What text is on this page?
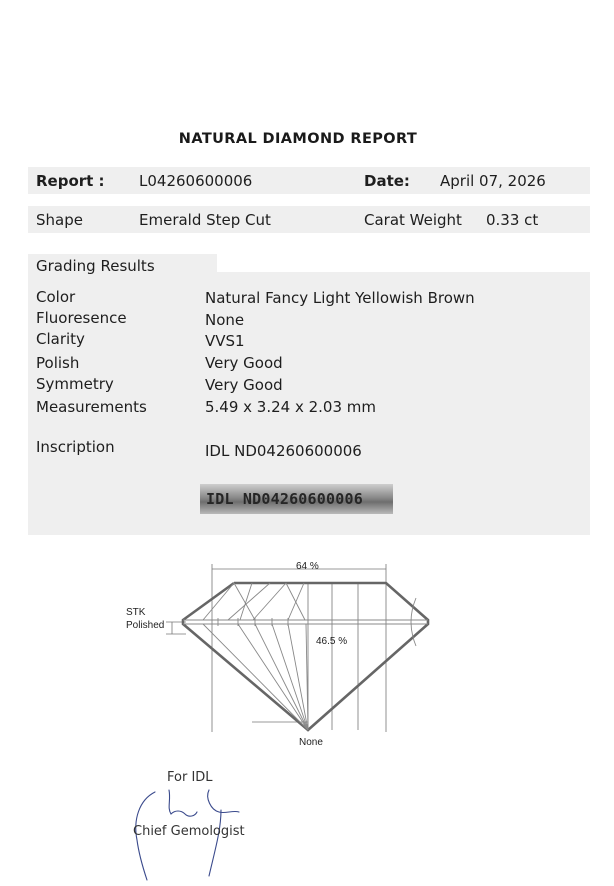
NATURAL DIAMOND REPORT
Report : L04260600006	Date: April 07, 2026
Shape	Emerald Step Cut	Carat Weight 0.33 ct
Grading Results
Color	Natural Fancy Light Yellowish Brown
Fluoresence	None
Clarity	VVS1
Polish	Very Good
Symmetry	Very Good
Measurements	5.49 x 3.24 x 2.03 mm
Inscription	IDL ND04260600006
IDL ND04260600006
64 %
46.5 %
STK
Polished
None
For IDL
Chief Gemologist
